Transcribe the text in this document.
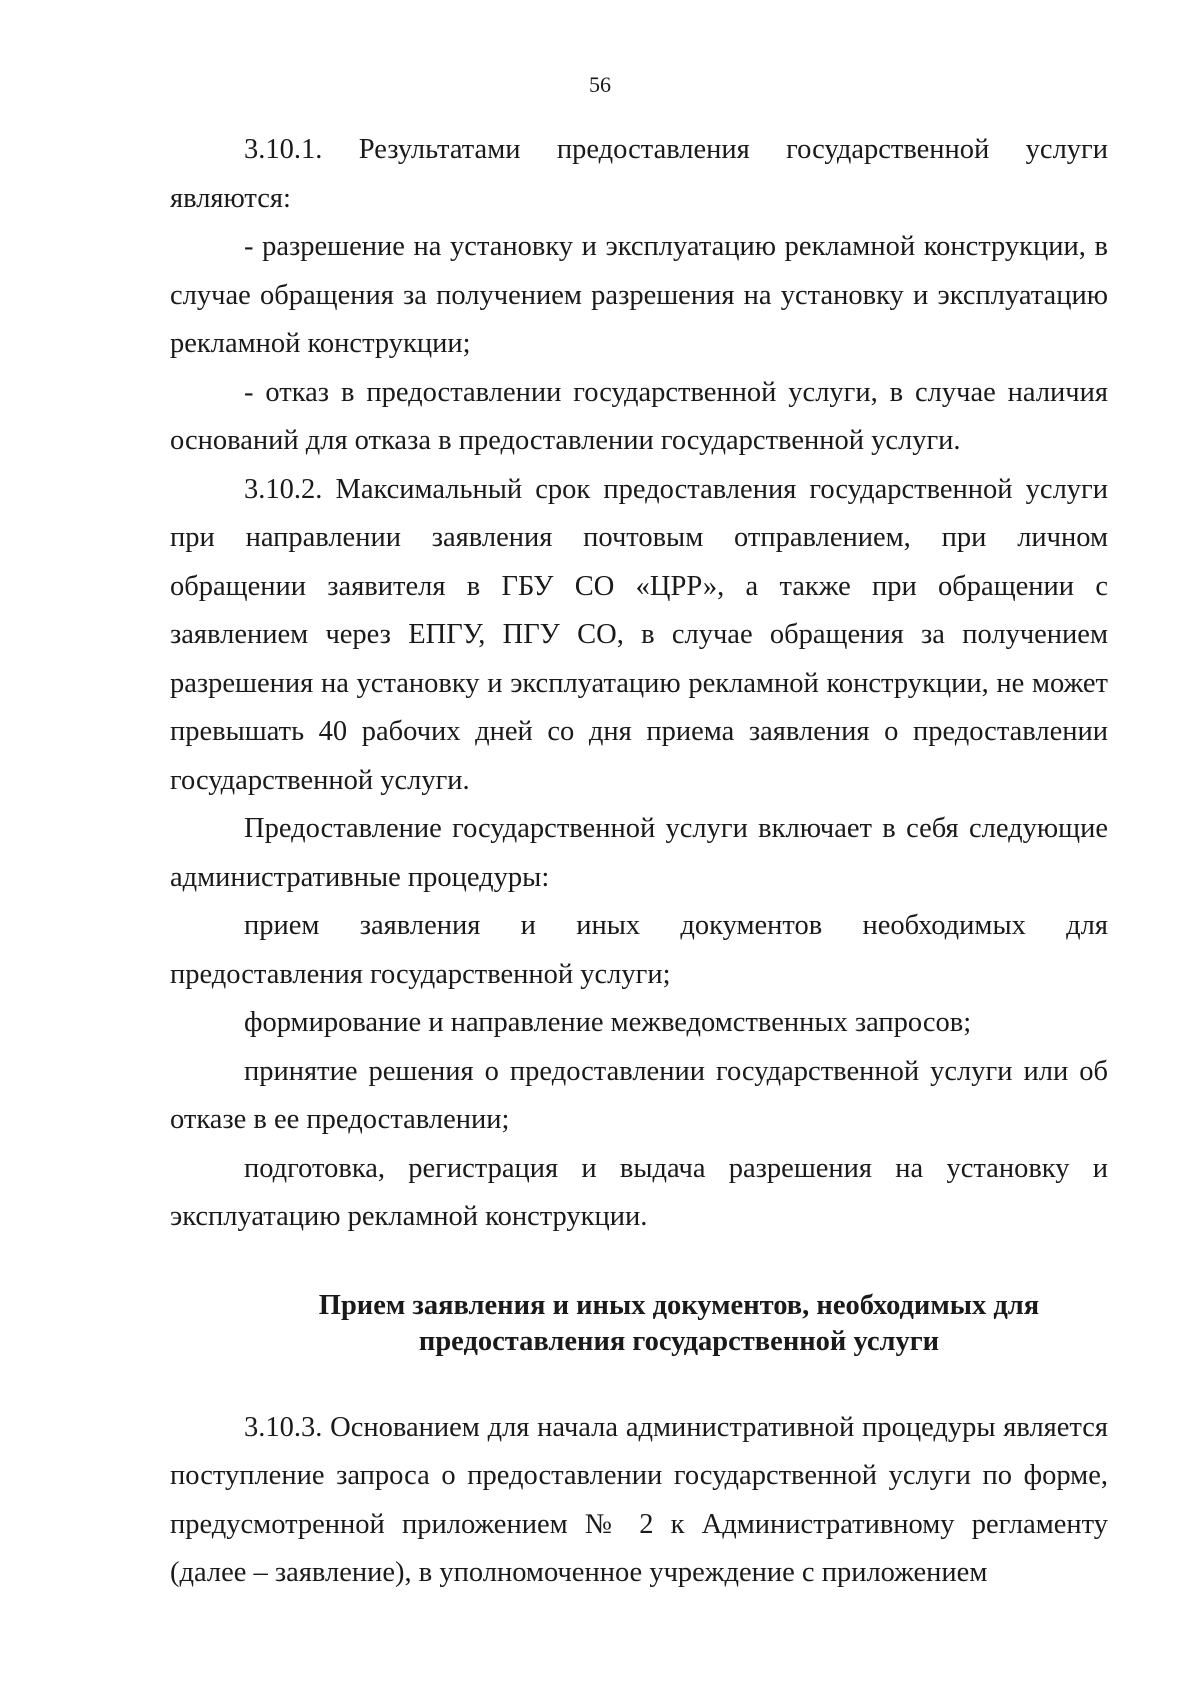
56

3.10.1. Результатами предоставления государственной услуги являются:

- разрешение на установку и эксплуатацию рекламной конструкции, в случае обращения за получением разрешения на установку и эксплуатацию рекламной конструкции;

- отказ в предоставлении государственной услуги, в случае наличия оснований для отказа в предоставлении государственной услуги.

3.10.2. Максимальный срок предоставления государственной услуги при направлении заявления почтовым отправлением, при личном обращении заявителя в ГБУ СО «ЦРР», а также при обращении с заявлением через ЕПГУ, ПГУ СО, в случае обращения за получением разрешения на установку и эксплуатацию рекламной конструкции, не может превышать 40 рабочих дней со дня приема заявления о предоставлении государственной услуги.

Предоставление государственной услуги включает в себя следующие административные процедуры:

прием заявления и иных документов необходимых для предоставления государственной услуги;

формирование и направление межведомственных запросов;

принятие решения о предоставлении государственной услуги или об отказе в ее предоставлении;

подготовка, регистрация и выдача разрешения на установку и эксплуатацию рекламной конструкции.

Прием заявления и иных документов, необходимых для
предоставления государственной услуги

3.10.3. Основанием для начала административной процедуры является поступление запроса о предоставлении государственной услуги по форме, предусмотренной приложением № 2 к Административному регламенту (далее – заявление), в уполномоченное учреждение с приложением
